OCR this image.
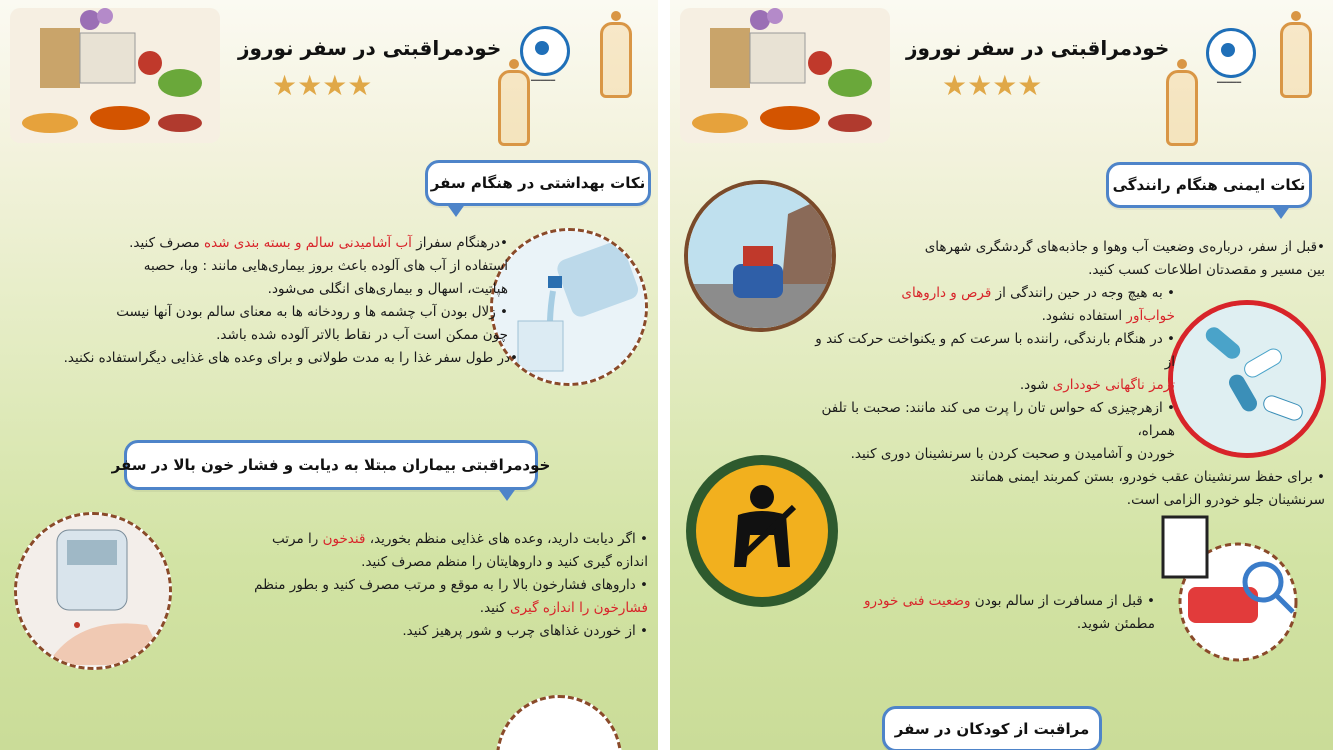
خودمراقبتی در سفر نوروز
★★★★	━━━━━
نکات بهداشتی در هنگام سفر

•درهنگام سفراز آب آشامیدنی سالم و بسته بندی شده مصرف کنید.

استفاده از آب های آلوده باعث بروز بیماری‌هایی مانند : وبا، حصبه

هپاتیت، اسهال و بیماری‌های انگلی می‌شود.

• زلال بودن آب چشمه ها و رودخانه ها به معنای سالم بودن آنها نیست

چون ممکن است آب در نقاط بالاتر آلوده شده باشد.

•در طول سفر غذا را به مدت طولانی و برای وعده های غذایی دیگراستفاده نکنید.

خودمراقبتی بیماران مبتلا به دیابت و فشار خون بالا در سفر

• اگر دیابت دارید، وعده های غذایی منظم بخورید، قندخون را مرتب

اندازه گیری کنید و داروهایتان را منظم مصرف کنید.

• داروهای فشارخون بالا را به موقع و مرتب مصرف کنید و بطور منظم

فشارخون را اندازه گیری کنید.

• از خوردن غذاهای چرب و شور پرهیز کنید.

خودمراقبتی در سفر نوروز
★★★★	━━━━━
نکات ایمنی هنگام رانندگی

•قبل از سفر، درباره‌ی وضعیت آب وهوا و جاذبه‌های گردشگری شهرهای

بین مسیر و مقصدتان اطلاعات کسب کنید.

• به هیچ وجه در حین رانندگی از قرص و داروهای

خواب‌آور استفاده نشود.

• در هنگام بارندگی، راننده با سرعت کم و یکنواخت حرکت کند و از

ترمز ناگهانی خودداری شود.

• ازهرچیزی که حواس تان را پرت می کند مانند: صحبت با تلفن همراه،

خوردن و آشامیدن و صحبت کردن با سرنشینان دوری کنید.

• برای حفظ سرنشینان عقب خودرو، بستن کمربند ایمنی همانند

سرنشینان جلو خودرو الزامی است.

• قبل از مسافرت از سالم بودن وضعیت فنی خودرو

مطمئن شوید.

مراقبت از کودکان در سفر
